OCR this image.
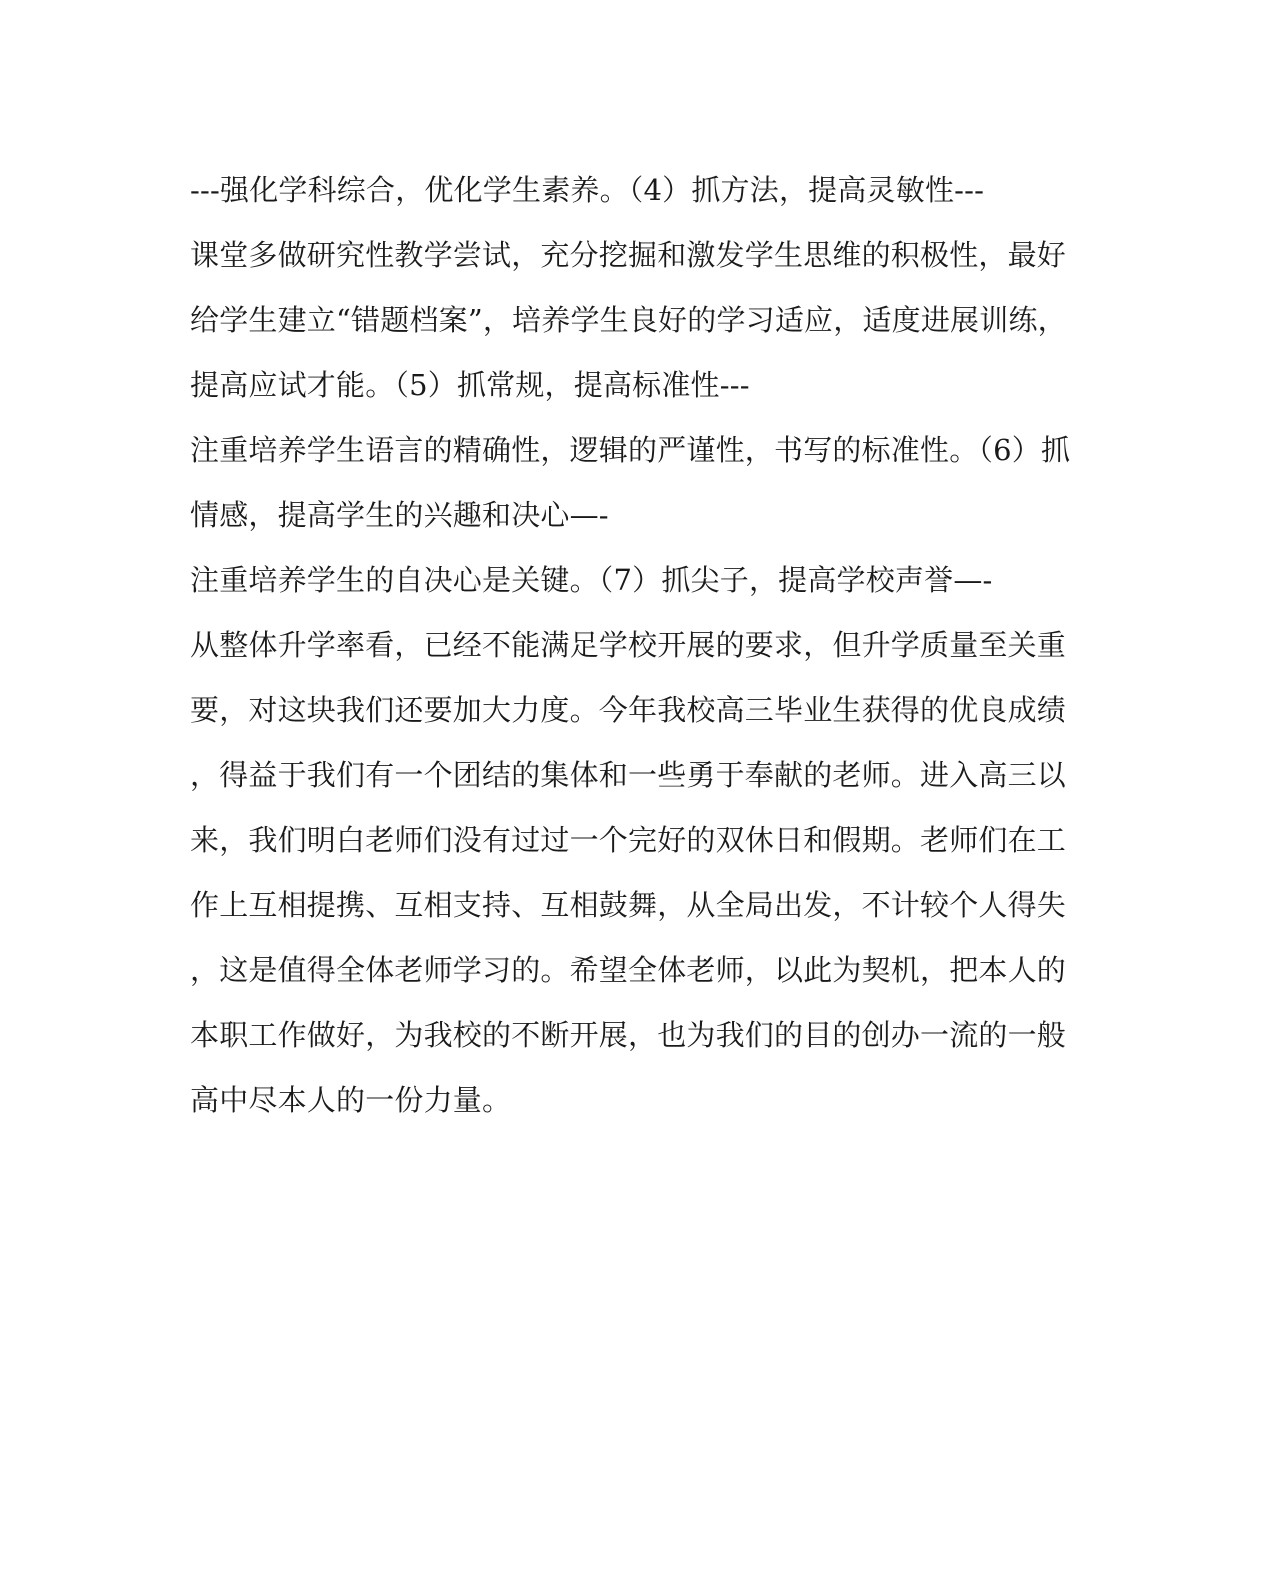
---强化学科综合，优化学生素养。（4）抓方法，提高灵敏性---
课堂多做研究性教学尝试，充分挖掘和激发学生思维的积极性，最好
给学生建立“错题档案”，培养学生良好的学习适应，适度进展训练，
提高应试才能。（5）抓常规，提高标准性---
注重培养学生语言的精确性，逻辑的严谨性，书写的标准性。（6）抓
情感，提高学生的兴趣和决心—-
注重培养学生的自决心是关键。（7）抓尖子，提高学校声誉—-
从整体升学率看，已经不能满足学校开展的要求，但升学质量至关重
要，对这块我们还要加大力度。今年我校高三毕业生获得的优良成绩
，得益于我们有一个团结的集体和一些勇于奉献的老师。进入高三以
来，我们明白老师们没有过过一个完好的双休日和假期。老师们在工
作上互相提携、互相支持、互相鼓舞，从全局出发，不计较个人得失
，这是值得全体老师学习的。希望全体老师，以此为契机，把本人的
本职工作做好，为我校的不断开展，也为我们的目的创办一流的一般
高中尽本人的一份力量。
